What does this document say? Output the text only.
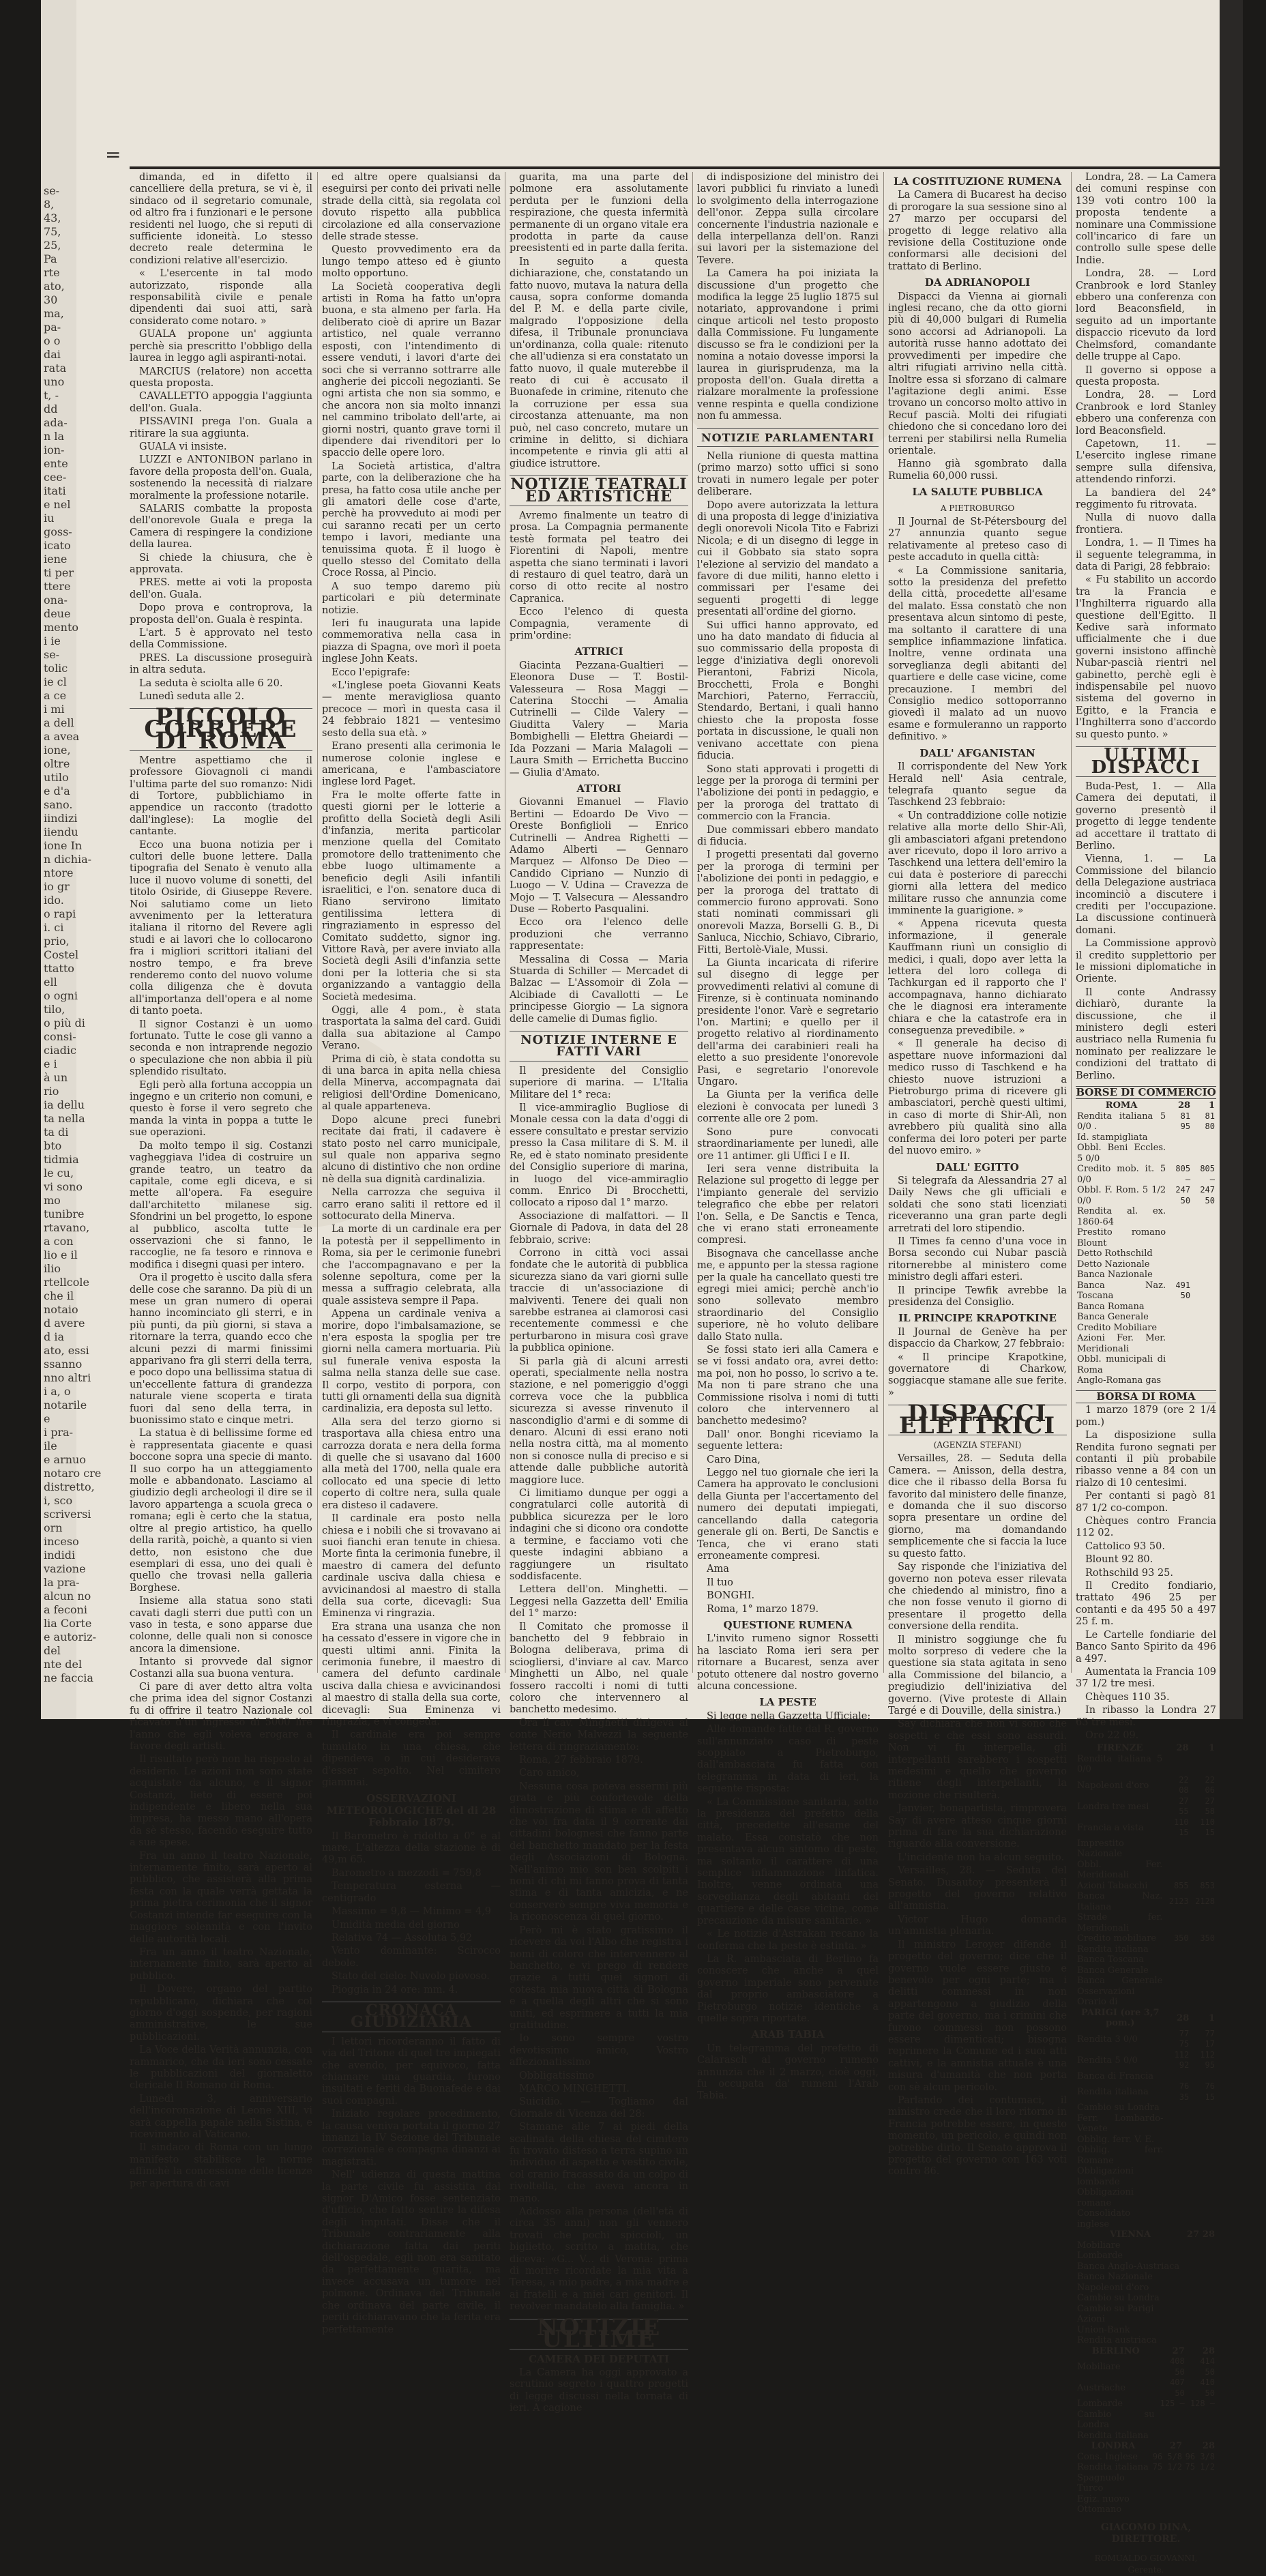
se-
8,
43,
75,
25,
Pa
rte
ato,
30
ma,
pa-
o o
dai
rata
uno
t, -
dd
ada-
n la
ion-
ente
cee-
itati
e nel
iu
goss-
icato
iene
ti per
ttere
ona-
deue
mento
i ie
se-
tolic
ie cl
a ce
i mi
a dell
a avea
ione,
oltre
utilo
e d'a
sano.
iindizi
iiendu
ione In
n dichia-
ntore
io gr
ido.
o rapi
i. ci
prio,
Costel
ttatto
ell
o ogni
tilo,
o più di
consi-
ciadic
e i
à un
rio
ia dellu
ta nella
ta di
bto
tidmia
le cu,
vi sono
mo
tunibre
rtavano,
a con
lio e il
ilio
rtellcole
che il
notaio
d avere
d ia
ato, essi
ssanno
nno altri
i a, o
notarile
e
i pra-
ile
e arnuo
notaro cre
distretto,
i, sco
scriversi
orn
inceso
indidi
vazione
la pra-
alcun no
a feconi
lia Corte
e autoriz-
del
nte del
ne faccia
=

dimanda, ed in difetto il cancelliere della pretura, se vi è, il sindaco od il segretario comunale, od altro fra i funzionari e le persone residenti nel luogo, che si reputi di sufficiente idoneità. Lo stesso decreto reale determina le condizioni relative all'esercizio.

« L'esercente in tal modo autorizzato, risponde alla responsabilità civile e penale dipendenti dai suoi atti, sarà considerato come notaro. »

GUALA propone un' aggiunta perchè sia prescritto l'obbligo della laurea in leggo agli aspiranti-notai.

MARCIUS (relatore) non accetta questa proposta.

CAVALLETTO appoggia l'aggiunta dell'on. Guala.

PISSAVINI prega l'on. Guala a ritirare la sua aggiunta.

GUALA vi insiste.

LUZZI e ANTONIBON parlano in favore della proposta dell'on. Guala, sostenendo la necessità di rialzare moralmente la professione notarile.

SALARIS combatte la proposta dell'onorevole Guala e prega la Camera di respingere la condizione della laurea.

Si chiede la chiusura, che è approvata.

PRES. mette ai voti la proposta dell'on. Guala.

Dopo prova e controprova, la proposta dell'on. Guala è respinta.

L'art. 5 è approvato nel testo della Commissione.

PRES. La discussione proseguirà in altra seduta.

La seduta è sciolta alle 6 20.

Lunedì seduta alle 2.

PICCOLO CORRIERE DI ROMA

Mentre aspettiamo che il professore Giovagnoli ci mandi l'ultima parte del suo romanzo: Nidi di Tortore, pubblichiamo in appendice un racconto (tradotto dall'inglese): La moglie del cantante.

Ecco una buona notizia per i cultori delle buone lettere. Dalla tipografia del Senato è venuto alla luce il nuovo volume di sonetti, del titolo Osiride, di Giuseppe Revere. Noi salutiamo come un lieto avvenimento per la letteratura italiana il ritorno del Revere agli studi e ai lavori che lo collocarono fra i migliori scrittori italiani del nostro tempo, e fra breve renderemo conto del nuovo volume colla diligenza che è dovuta all'importanza dell'opera e al nome di tanto poeta.

Il signor Costanzi è un uomo fortunato. Tutte le cose gli vanno a seconda e non intraprende negozio o speculazione che non abbia il più splendido risultato.

Egli però alla fortuna accoppia un ingegno e un criterio non comuni, e questo è forse il vero segreto che manda la vinta in poppa a tutte le sue operazioni.

Da molto tempo il sig. Costanzi vagheggiava l'idea di costruire un grande teatro, un teatro da capitale, come egli diceva, e si mette all'opera. Fa eseguire dall'architetto milanese sig. Sfondrini un bel progetto, lo espone al pubblico, ascolta tutte le osservazioni che si fanno, le raccoglie, ne fa tesoro e rinnova e modifica i disegni quasi per intero.

Ora il progetto è uscito dalla sfera delle cose che saranno. Da più di un mese un gran numero di operai hanno incominciato gli sterri, e in più punti, da più giorni, si stava a ritornare la terra, quando ecco che alcuni pezzi di marmi finissimi apparivano fra gli sterri della terra, e poco dopo una bellissima statua di un'eccellente fattura di grandezza naturale viene scoperta e tirata fuori dal seno della terra, in buonissimo stato e cinque metri.

La statua è di bellissime forme ed è rappresentata giacente e quasi boccone sopra una specie di manto. Il suo corpo ha un atteggiamento molle e abbandonato. Lasciamo al giudizio degli archeologi il dire se il lavoro appartenga a scuola greca o romana; egli è certo che la statua, oltre al pregio artistico, ha quello della rarità, poichè, a quanto si vien detto, non esistono che due esemplari di essa, uno dei quali è quello che trovasi nella galleria Borghese.

Insieme alla statua sono stati cavati dagli sterri due puttì con un vaso in testa, e sono apparse due colonne, delle quali non si conosce ancora la dimensione.

Intanto si provvede dal signor Costanzi alla sua buona ventura.

Ci pare di aver detto altra volta che prima idea del signor Costanzi fu di offrire il teatro Nazionale col ricavato d'un ingresso di 5000 lire l'anno che egli voleva erogare a favore degli artisti.

Il risultato però non ha risposto al desiderio. Le azioni non sono state acquistate da alcuno, e il signor Costanzi, lieto di essere poi indipendente e libero nella sua impresa, ha messo mano all'opera da sè stesso, facendo eseguire tutto a sue spese.

Fra un anno il teatro Nazionale, internamente finito, sarà aperto al pubblico, che assisterà alla prima festa con la quale verrà gettata la prima pietra cerimonia che il signor Costanzi intende far eseguire con la maggiore solennità e con l'invito delle autorità locali.

Fra un anno il teatro Nazionale, internamente finito, sarà aperto al pubblico.

Il Dovere, organo del partito repubblicano, dichiara che col giorno d'oggi sospende, per ragioni amministrative, le sue pubblicazioni.

La Voce della Verità annunzia, con rammarico, che da ieri sono cessate le pubblicazioni del giornaletto clericale Il Romano di Roma.

Lunedì 3, anniversario dell'incoronazione di Leone XIII, vi sarà cappella papale nella Sistina, e ricevimento al Vaticano.

Il sindaco di Roma con un lungo manifesto stabilisce le norme affinchè la concessione delle licenze per apertura di cavi

ed altre opere qualsiansi da eseguirsi per conto dei privati nelle strade della città, sia regolata col dovuto rispetto alla pubblica circolazione ed alla conservazione delle strade stesse.

Questo provvedimento era da lungo tempo atteso ed è giunto molto opportuno.

La Società cooperativa degli artisti in Roma ha fatto un'opra buona, e sta almeno per farla. Ha deliberato cioè di aprire un Bazar artistico, nel quale verranno esposti, con l'intendimento di essere venduti, i lavori d'arte dei soci che si verranno sottrarre alle angherie dei piccoli negozianti. Se ogni artista che non sia sommo, e che ancora non sia molto innanzi nel cammino tribolato dell'arte, ai giorni nostri, quanto grave torni il dipendere dai rivenditori per lo spaccio delle opere loro.

La Società artistica, d'altra parte, con la deliberazione che ha presa, ha fatto cosa utile anche per gli amatori delle cose d'arte, perchè ha provveduto ai modi per cui saranno recati per un certo tempo i lavori, mediante una tenuissima quota. È il luogo è quello stesso del Comitato della Croce Rossa, al Pincio.

A suo tempo daremo più particolari e più determinate notizie.

Ieri fu inaugurata una lapide commemorativa nella casa in piazza di Spagna, ove morì il poeta inglese John Keats.

Ecco l'epigrafe:

«L'inglese poeta Giovanni Keats — mente meravigliosa quanto precoce — morì in questa casa il 24 febbraio 1821 — ventesimo sesto della sua età. »

Erano presenti alla cerimonia le numerose colonie inglese e americana, e l'ambasciatore inglese lord Paget.

Fra le molte offerte fatte in questi giorni per le lotterie a profitto della Società degli Asili d'infanzia, merita particolar menzione quella del Comitato promotore dello trattenimento che ebbe luogo ultimamente a beneficio degli Asili infantili israelitici, e l'on. senatore duca di Riano servirono limitato gentilissima lettera di ringraziamento in espresso del Comitato suddetto, signor ing. Vittore Ravà, per avere inviato alla Società degli Asili d'infanzia sette doni per la lotteria che si sta organizzando a vantaggio della Società medesima.

Oggi, alle 4 pom., è stata trasportata la salma del card. Guidi dalla sua abitazione al Campo Verano.

Prima di ciò, è stata condotta su di una barca in apita nella chiesa della Minerva, accompagnata dai religiosi dell'Ordine Domenicano, al quale apparteneva.

Dopo alcune preci funebri recitate dai frati, il cadavere è stato posto nel carro municipale, sul quale non appariva segno alcuno di distintivo che non ordine nè della sua dignità cardinalizia.

Nella carrozza che seguiva il carro erano saliti il rettore ed il sottocurato della Minerva.

La morte di un cardinale era per la potestà per il seppellimento in Roma, sia per le cerimonie funebri che l'accompagnavano e per la solenne sepoltura, come per la messa a suffragio celebrata, alla quale assisteva sempre il Papa.

Appena un cardinale veniva a morire, dopo l'imbalsamazione, se n'era esposta la spoglia per tre giorni nella camera mortuaria. Più sul funerale veniva esposta la salma nella stanza delle sue case. Il corpo, vestito di porpora, con tutti gli ornamenti della sua dignità cardinalizia, era deposta sul letto.

Alla sera del terzo giorno si trasportava alla chiesa entro una carrozza dorata e nera della forma di quelle che si usavano dal 1600 alla metà del 1700, nella quale era collocato ed una specie di letto coperto di coltre nera, sulla quale era disteso il cadavere.

Il cardinale era posto nella chiesa e i nobili che si trovavano ai suoi fianchi eran tenute in chiesa. Morte finta la cerimonia funebre, il maestro di camera del defunto cardinale usciva dalla chiesa e avvicinandosi al maestro di stalla della sua corte, dicevagli: Sua Eminenza vi ringrazia.

Era strana una usanza che non ha cessato d'essere in vigore che in questi ultimi anni. Finita la cerimonia funebre, il maestro di camera del defunto cardinale usciva dalla chiesa e avvicinandosi al maestro di stalla della sua corte, dicevagli: Sua Eminenza vi ringrazia, e vi congeda.

Il cardinale era poi sempre tumulato in una chiesa, che dipendeva o in cui desiderava d'esser sepolto. Nel cimitero giammai.

OSSERVAZIONI METEOROLOGICHE del di 28 Febbraio 1879.

Il Barometro è ridotto a 0° e al mare. L'altezza della stazione è di 49,m 65.

Barometro a mezzodì = 759,8

Temperatura esterna — centigrado

Massimo = 9,8 — Minimo = 4,9

Umidità media del giorno

Relativa 74 — Assoluta 5,92

Vento dominante: Scirocco debole.

Stato del cielo: Nuvolo piovoso.

Pioggia in 24 ore: mm. 4.

CRONACA GIUDIZIARIA

I lettori ricorderanno il fatto di via del Tritone di quel tre impiegati che avendo, per equivoco, fatta chiamare una guardia, furono insultati e feriti da Buonafede e dai suoi compagni.

Iniziato regolare procedimento, la causa veniva portata il giorno 27 innanzi la IV Sezione del Tribunale correzionale e compagna dinanzi ai magistrati.

Nell' udienza di questa mattina la parte civile fu assistita dal signor D'Amico fosse sentenziato d'ufficio, che fatto sentire la difesa degli imputati. Disse che il Tribunale contrariamente alla dichiarazione fatta dai periti dell'ospedale, egli non era sanitato da perfettamente guarita, ma invece accusava un tumore nel polmone. Ordinava del Tribunale che ordinava del parte civile, il periti dichiaravano che la ferita era perfettamente

guarita, ma una parte del polmone era assolutamente perduta per le funzioni della respirazione, che questa infermità permanente di un organo vitale era prodotta in parte da cause preesistenti ed in parte dalla ferita.

In seguito a questa dichiarazione, che, constatando un fatto nuovo, mutava la natura della causa, sopra conforme domanda del P. M. e della parte civile, malgrado l'opposizione della difesa, il Tribunale pronunciava un'ordinanza, colla quale: ritenuto che all'udienza si era constatato un fatto nuovo, il quale muterebbe il reato di cui è accusato il Buonafede in crimine, ritenuto che la corruzione per essa sua circostanza attenuante, ma non può, nel caso concreto, mutare un crimine in delitto, si dichiara incompetente e rinvia gli atti al giudice istruttore.

NOTIZIE TEATRALI ED ARTISTICHE

Avremo finalmente un teatro di prosa. La Compagnia permanente testè formata pel teatro dei Fiorentini di Napoli, mentre aspetta che siano terminati i lavori di restauro di quel teatro, darà un corso di otto recite al nostro Capranica.

Ecco l'elenco di questa Compagnia, veramente di prim'ordine:

ATTRICI

Giacinta Pezzana-Gualtieri — Eleonora Duse — T. Bostil-Valesseura — Rosa Maggi — Caterina Stocchi — Amalia Cutrinelli — Cilde Valery — Giuditta Valery — Maria Bombighelli — Elettra Gheiardi — Ida Pozzani — Maria Malagoli — Laura Smith — Errichetta Buccino — Giulia d'Amato.

ATTORI

Giovanni Emanuel — Flavio Bertini — Edoardo De Vivo — Oreste Bonfiglioli — Enrico Cutrinelli — Andrea Righetti — Adamo Alberti — Gennaro Marquez — Alfonso De Dieo — Candido Cipriano — Nunzio di Luogo — V. Udina — Cravezza de Mojo — T. Valsecura — Alessandro Duse — Roberto Pasqualini.

Ecco ora l'elenco delle produzioni che verranno rappresentate:

Messalina di Cossa — Maria Stuarda di Schiller — Mercadet di Balzac — L'Assomoir di Zola — Alcibiade di Cavallotti — Le principesse Giorgio — La signora delle camelie di Dumas figlio.

NOTIZIE INTERNE E FATTI VARI

Il presidente del Consiglio superiore di marina. — L'Italia Militare del 1° reca:

Il vice-ammiraglio Bugliose di Monale cessa con la data d'oggi di essere consultato e prestar servizio presso la Casa militare di S. M. il Re, ed è stato nominato presidente del Consiglio superiore di marina, in luogo del vice-ammiraglio comm. Enrico Di Brocchetti, collocato a riposo dal 1° marzo.

Associazione di malfattori. — Il Giornale di Padova, in data del 28 febbraio, scrive:

Corrono in città voci assai fondate che le autorità di pubblica sicurezza siano da vari giorni sulle traccie di un'associazione di malviventi. Tenere dei quali non sarebbe estranea ai clamorosi casi recentemente commessi e che perturbarono in misura così grave la pubblica opinione.

Si parla già di alcuni arresti operati, specialmente nella nostra stazione, e nel pomeriggio d'oggi correva voce che la pubblica sicurezza si avesse rinvenuto il nascondiglio d'armi e di somme di denaro. Alcuni di essi erano noti nella nostra città, ma al momento non si conosce nulla di preciso e si attende dalle pubbliche autorità maggiore luce.

Ci limitiamo dunque per oggi a congratularci colle autorità di pubblica sicurezza per le loro indagini che si dicono ora condotte a termine, e facciamo voti che queste indagini abbiano a raggiungere un risultato soddisfacente.

Lettera dell'on. Minghetti. — Leggesi nella Gazzetta dell' Emilia del 1° marzo:

Il Comitato che promosse il banchetto del 9 febbraio in Bologna deliberava, prima di sciogliersi, d'inviare al cav. Marco Minghetti un Albo, nel quale fossero raccolti i nomi di tutti coloro che intervennero al banchetto medesimo.

Ora il cav. Minghetti dirigeva al conte Nerio Malvezzi la seguente lettera di ringraziamento:

Roma, 27 febbraio 1879.

Caro amico,

Nessuna cosa poteva essermi più grata e più confortevole della dimostrazione di stima e di affetto che voi fra data il 9 corrente dai cittadini bolognesi che fanno parte del banchetto mandato per la festa degli Associazioni di Bologna. Nell'animo mio son ben scolpiti i nomi di chi mi fanno prova di tanta stima e di tanta amicizia, e ne conserverò sempre viva memoria e la riconoscenza di quel giorno.

Però mi è stato gratissimo il ricevere da voi l'Albo che registra i nomi di coloro che intervennero al banchetto, e vi prego di rendere grazie a tutti quei signori di cotesta mia nuova città di Bologna e a quella degli altri che si sono uniti, ed esprimere a tutti la mia gratitudine.

Io sono sempre vostro devotissimo amico, Vostro affezionatissimo

Obbligatissimo

MARCO MINGHETTI.

Suicidio. — Togliamo dal Giornale di Vicenza del 28:

Stamane alle 7 ai piedi della scalinata della chiesa del cimitero fu trovato disteso a terra supino un individuo di aspetto e vestito civile, col cranio fracassato da un colpo di rivoltella, che aveva ancora in mano.

Addosso alla persona (dell'età di circa 35 anni) non gli vennero trovati che pochi spiccioli, un biglietto, scritto a matita, che diceva: «G... V... di Verona: prima di morire ricordate la mia vita a Teresa, a mio padre, a mia madre e ai fratelli e a miei cari genitori. Il revolver mandatelo alla famiglia. »

NOTIZIE ULTIME
CAMERA DEI DEPUTATI

La Camera ha oggi approvato a scrutinio segreto i quattro progetti di legge discussi nella tornata di ieri. A cagione

di indisposizione del ministro dei lavori pubblici fu rinviato a lunedì lo svolgimento della interrogazione dell'onor. Zeppa sulla circolare concernente l'industria nazionale e della interpellanza dell'on. Ranzi sui lavori per la sistemazione del Tevere.

La Camera ha poi iniziata la discussione d'un progetto che modifica la legge 25 luglio 1875 sul notariato, approvandone i primi cinque articoli nel testo proposto dalla Commissione. Fu lungamente discusso se fra le condizioni per la nomina a notaio dovesse imporsi la laurea in giurisprudenza, ma la proposta dell'on. Guala diretta a rialzare moralmente la professione venne respinta e quella condizione non fu ammessa.

NOTIZIE PARLAMENTARI

Nella riunione di questa mattina (primo marzo) sotto uffici si sono trovati in numero legale per poter deliberare.

Dopo avere autorizzata la lettura di una proposta di legge d'iniziativa degli onorevoli Nicola Tito e Fabrizi Nicola; e di un disegno di legge in cui il Gobbato sia stato sopra l'elezione al servizio del mandato a favore di due militi, hanno eletto i commissari per l'esame dei seguenti progetti di legge presentati all'ordine del giorno.

Sui uffici hanno approvato, ed uno ha dato mandato di fiducia al suo commissario della proposta di legge d'iniziativa degli onorevoli Pierantoni, Fabrizi Nicola, Brocchetti, Frola e Bonghi Marchiori, Paterno, Ferracciù, Stendardo, Bertani, i quali hanno chiesto che la proposta fosse portata in discussione, le quali non venivano accettate con piena fiducia.

Sono stati approvati i progetti di legge per la proroga di termini per l'abolizione dei ponti in pedaggio, e per la proroga del trattato di commercio con la Francia.

Due commissari ebbero mandato di fiducia.

I progetti presentati dal governo per la proroga di termini per l'abolizione dei ponti in pedaggio, e per la proroga del trattato di commercio furono approvati. Sono stati nominati commissari gli onorevoli Mazza, Borselli G. B., Di Sanluca, Nicchio, Schiavo, Cibrario, Fitti, Bertolè-Viale, Mussi.

La Giunta incaricata di riferire sul disegno di legge per provvedimenti relativi al comune di Firenze, si è continuata nominando presidente l'onor. Varè e segretario l'on. Martini; e quello per il progetto relativo al riordinamento dell'arma dei carabinieri reali ha eletto a suo presidente l'onorevole Pasi, e segretario l'onorevole Ungaro.

La Giunta per la verifica delle elezioni è convocata per lunedì 3 corrente alle ore 2 pom.

Sono pure convocati straordinariamente per lunedì, alle ore 11 antimer. gli Uffici I e II.

Ieri sera venne distribuita la Relazione sul progetto di legge per l'impianto generale del servizio telegrafico che ebbe per relatori l'on. Sella, e De Sanctis e Tenca, che vi erano stati erroneamente compresi.

Bisognava che cancellasse anche me, e appunto per la stessa ragione per la quale ha cancellato questi tre egregi miei amici; perchè anch'io sono sollevato membro straordinario del Consiglio superiore, nè ho voluto delibare dallo Stato nulla.

Se fossi stato ieri alla Camera e se vi fossi andato ora, avrei detto: ma poi, non ho posso, lo scrivo a te. Ma non ti pare strano che una Commissione risolva i nomi di tutti coloro che intervennero al banchetto medesimo?

Dall' onor. Bonghi riceviamo la seguente lettera:

Caro Dina,

Leggo nel tuo giornale che ieri la Camera ha approvato le conclusioni della Giunta per l'accertamento del numero dei deputati impiegati, cancellando dalla categoria generale gli on. Berti, De Sanctis e Tenca, che vi erano stati erroneamente compresi.

Ama

Il tuo

BONGHI.

Roma, 1° marzo 1879.

QUESTIONE RUMENA

L'invito rumeno signor Rossetti ha lasciato Roma ieri sera per ritornare a Bucarest, senza aver potuto ottenere dal nostro governo alcuna concessione.

LA PESTE

Si legge nella Gazzetta Ufficiale:

Alle domande fatte dal R. governo sull'annunziato caso di peste scoppiato a Pietroburgo, dall'ambasciata fu fatta con telegramma in data di ieri, la seguente risposta:

« La Commissione sanitaria, sotto la presidenza del prefetto della città, precedette all'esame del malato. Essa constatò che non presentava alcun sintomo di peste, ma soltanto il carattere di una semplice infiammazione linfatica. Inoltre, venne ordinata una sorveglianza degli abitanti del quartiere e delle case vicine, come precauzione da misure sanitarie. »

« Le notizie d'Astrakan recano la conferma che la peste è estinta. »

La R. ambasciata di Berlino fa conoscere che anche a quel governo imperiale sono pervenute dal proprio ambasciatore a Pietroburgo notizie identiche a quelle sopra riportate.

ARAB TABIA

Un telegramma del prefetto di Calarasch al governo rumeno annunzia che il 2 marzo, cioè oggi, fu occupata da' rumeni l'Arab Tabia.

LA COSTITUZIONE RUMENA

La Camera di Bucarest ha deciso di prorogare la sua sessione sino al 27 marzo per occuparsi del progetto di legge relativo alla revisione della Costituzione onde conformarsi alle decisioni del trattato di Berlino.

DA ADRIANOPOLI

Dispacci da Vienna ai giornali inglesi recano, che da otto giorni più di 40,000 bulgari di Rumelia sono accorsi ad Adrianopoli. La autorità russe hanno adottato dei provvedimenti per impedire che altri rifugiati arrivino nella città. Inoltre essa si sforzano di calmare l'agitazione degli animi. Esse trovano un concorso molto attivo in Recuf pascià. Molti dei rifugiati chiedono che si concedano loro dei terreni per stabilirsi nella Rumelia orientale.

Hanno già sgombrato dalla Rumelia 60,000 russi.

LA SALUTE PUBBLICA
A PIETROBURGO

Il Journal de St-Pétersbourg del 27 annunzia quanto segue relativamente al preteso caso di peste accaduto in quella città:

« La Commissione sanitaria, sotto la presidenza del prefetto della città, procedette all'esame del malato. Essa constatò che non presentava alcun sintomo di peste, ma soltanto il carattere di una semplice infiammazione linfatica. Inoltre, venne ordinata una sorveglianza degli abitanti del quartiere e delle case vicine, come precauzione. I membri del Consiglio medico sottoporranno giovedì il malato ad un nuovo esame e formuleranno un rapporto definitivo. »

DALL' AFGANISTAN

Il corrispondente del New York Herald nell' Asia centrale, telegrafa quanto segue da Taschkend 23 febbraio:

« Un contraddizione colle notizie relative alla morte dello Shir-Alì, gli ambasciatori afgani pretendono aver ricevuto, dopo il loro arrivo a Taschkend una lettera dell'emiro la cui data è posteriore di parecchi giorni alla lettera del medico militare russo che annunzia come imminente la guarigione. »

« Appena ricevuta questa informazione, il generale Kauffmann riunì un consiglio di medici, i quali, dopo aver letta la lettera del loro collega di Tachkurgan ed il rapporto che l' accompagnava, hanno dichiarato che le diagnosi era interamente chiara e che la catastrofe era in conseguenza prevedibile. »

« Il generale ha deciso di aspettare nuove informazioni dal medico russo di Taschkend e ha chiesto nuove istruzioni a Pietroburgo prima di ricevere gli ambasciatori, perchè questi ultimi, in caso di morte di Shir-Alì, non avrebbero più qualità sino alla conferma dei loro poteri per parte del nuovo emiro. »

DALL' EGITTO

Si telegrafa da Alessandria 27 al Daily News che gli ufficiali e soldati che sono stati licenziati riceveranno una gran parte degli arretrati del loro stipendio.

Il Times fa cenno d'una voce in Borsa secondo cui Nubar pascià ritornerebbe al ministero come ministro degli affari esteri.

Il principe Tewfik avrebbe la presidenza del Consiglio.

IL PRINCIPE KRAPOTKINE

Il Journal de Genève ha per dispaccio da Charkow, 27 febbraio:

« Il principe Krapotkine, governatore di Charkow, soggiacque stamane alle sue ferite. »

DISPACCI ELETTRICI
(AGENZIA STEFANI)

Versailles, 28. — Seduta della Camera. — Anisson, della destra, dice che il ribasso della Borsa fu favorito dal ministero delle finanze, e domanda che il suo discorso sopra presentare un ordine del giorno, ma domandando semplicemente che si faccia la luce su questo fatto.

Say risponde che l'iniziativa del governo non poteva esser rilevata che chiedendo al ministro, fino a che non fosse venuto il giorno di presentare il progetto della conversione della rendita.

Il ministro soggiunge che fu molto sorpreso di vedere che la questione sia stata agitata in seno alla Commissione del bilancio, a pregiudizio dell'iniziativa del governo. (Vive proteste di Allain Targé e di Douville, della sinistra.)

Say dichiara che non vi sono che sospetti e che essi sono assurdi. Non vi fu interpella, gli interpellanti sarebbero i sospetti medesimi e quello che governo ritiene degli interpellanti, la mozione che risulterà.

Janvier, bonapartista, rimprovera Say di avere atteso cinque giorni prima di fare la sua dichiarazione riguardo alla conversione.

L'incidente non ha alcun seguito.

Versailles, 28. — Seduta del Senato. Dusautoy presenterà il progetto del governo relativo all'amnistia.

Victor Hugo domanda un'amnistia plenaria.

Il ministro Leroyer difende il progetto del governo; dice che il governo vuole essere giusto e benevolo per ogni parte; ma i delitti commessi in non appartengono a giudizio della parte del governo, ma i crimini che furono commessi non possono essere dimenticati; bisogna reprimere la Comune ed i suoi atti cattivi, e la amnistia attuale è una misura d'umanità che non porta con sè alcun pericolo.

Parlando dei contumaci, il ministro crede che il loro ritorno in Francia potrebbe essere, in questo momento, un pericolo, e quindi non potrebbe dirlo. Il Senato approva il progetto del governo con 163 voti contro 86.

Londra, 28. — La Camera dei comuni respinse con 139 voti contro 100 la proposta tendente a nominare una Commissione coll'incarico di fare un controllo sulle spese delle Indie.

Londra, 28. — Lord Cranbrook e lord Stanley ebbero una conferenza con lord Beaconsfield, in seguito ad un importante dispaccio ricevuto da lord Chelmsford, comandante delle truppe al Capo.

Il governo si oppose a questa proposta.

Londra, 28. — Lord Cranbrook e lord Stanley ebbero una conferenza con lord Beaconsfield.

Capetown, 11. — L'esercito inglese rimane sempre sulla difensiva, attendendo rinforzi.

La bandiera del 24° reggimento fu ritrovata.

Nulla di nuovo dalla frontiera.

Londra, 1. — Il Times ha il seguente telegramma, in data di Parigi, 28 febbraio:

« Fu stabilito un accordo tra la Francia e l'Inghilterra riguardo alla questione dell'Egitto. Il Kedive sarà informato ufficialmente che i due governi insistono affinchè Nubar-pascià rientri nel gabinetto, perchè egli è indispensabile pel nuovo sistema del governo in Egitto, e la Francia e l'Inghilterra sono d'accordo su questo punto. »

ULTIMI DISPACCI

Buda-Pest, 1. — Alla Camera dei deputati, il governo presentò il progetto di legge tendente ad accettare il trattato di Berlino.

Vienna, 1. — La Commissione del bilancio della Delegazione austriaca incominciò a discutere i crediti per l'occupazione. La discussione continuerà domani.

La Commissione approvò il credito supplettorio per le missioni diplomatiche in Oriente.

Il conte Andrassy dichiarò, durante la discussione, che il ministero degli esteri austriaco nella Rumenia fu nominato per realizzare le condizioni del trattato di Berlino.

BORSE DI COMMERCIO
ROMA	28	1
Rendita italiana 5 0/0 .	81 95	81 80
Id. stampigliata		
Obbl. Beni Eccles. 5 0/0		
Credito mob. it. 5 0/0	805 —	805 —
Obbl. F. Rom. 5 1/2 0/0	247 50	247 50
Rendita al. ex. 1860-64		
Prestito romano Blount		
Detto Rothschild		
Detto Nazionale		
Banca Nazionale		
Banca Naz. Toscana	491 50	
Banca Romana		
Banca Generale		
Credito Mobiliare		
Azioni Fer. Mer. Meridionali		
Obbl. municipali di Roma		
Anglo-Romana gas		
BORSA DI ROMA

1 marzo 1879 (ore 2 1/4 pom.)

La disposizione sulla Rendita furono segnati per contanti il più probabile ribasso venne a 84 con un rialzo di 10 centesimi.

Per contanti si pagò 81 87 1/2 co-compon.

Chèques contro Francia 112 02.

Cattolico 93 50.

Blount 92 80.

Rothschild 93 25.

Il Credito fondiario, trattato 496 25 per contanti e da 495 50 a 497 25 f. m.

Le Cartelle fondiarie del Banco Santo Spirito da 496 a 497.

Aumentata la Francia 109 37 1/2 tre mesi.

Chèques 110 35.

In ribasso la Londra 27 63 tre mesi.

Oro 22 09.

FIRENZE	28	1
Rendita italiana 5 0/0		
Napoleoni d'oro	22 08	22 06
Londra tre mesi	27 55	27 58
Francia a vista	110 15	110 15
Imprestito Nazionale		
Obbl. Fer. Meridionali		
Azioni Tabacchi	855	853
Banca Naz. Italiana	2123	2128
Strade fer. Meridionali		
Credito mobiliare	350	350
Rendita italiana		
Banca Toscana		
Banca Generale		
Banca Generale Osservazioni		
Orario di		
PARIGI (ore 3,7 pom.)	28	1
Rendita 3 0/0	77 75	77 17
Rendita 5 0/0	112 92	112 95
Banca di Francia		
Rendita italiana	76 35	76 15
Cambio su Londra		
Ferr. Lombardo-Venete		
Obblig. ferr. V. E.		
Obblig. ferr. Romane		
Obbligazioni lombarde		
Obbligazioni romane		
Consolidato inglese		
VIENNA	27	28
Mobiliare		
Lombarde		
Banca Anglo-Austriaca		
Banca Nazionale		
Napoleoni d'oro		
Cambio su Londra		
Cambio su Parigi		
Azioni		
Union-Bank		
Rendita austriaca		
BERLINO	27	28
Mobiliare	408 50	414 50
Austriache	407 50	410 50
Lombarde	125 —	128 —
Cambio su Londra		
Rendita italiana		
LONDRA	27	28
Cons. Inglese	96 5/8	96 3/8
Rendita italiana	75 1/2	75 1/2
Spagnuolo		
Turco		
Egiz. nuovo		
Ottomano		
GIACOMO DINA, DIRETTORE.
ROMUALDO GIOVANNI, Gerente.
